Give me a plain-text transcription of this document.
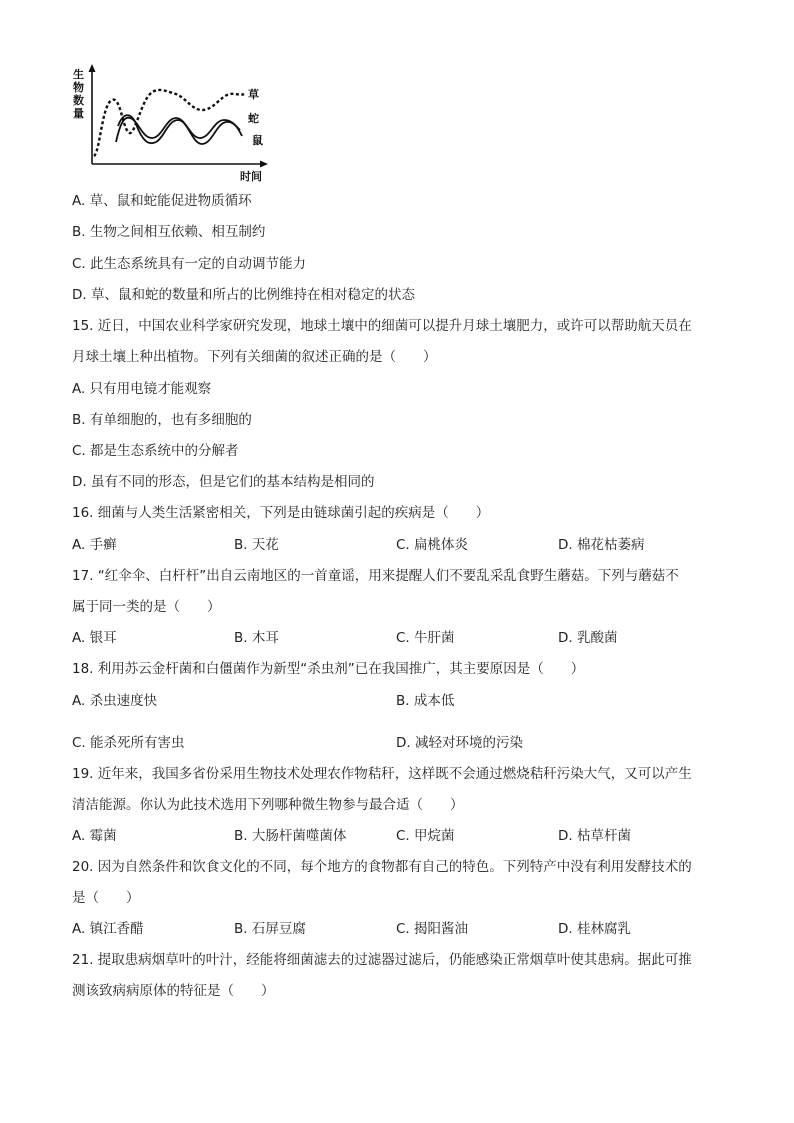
生
物
数
量
时间
草
蛇
鼠
A. 草、鼠和蛇能促进物质循环
B. 生物之间相互依赖、相互制约
C. 此生态系统具有一定的自动调节能力
D. 草、鼠和蛇的数量和所占的比例维持在相对稳定的状态
15. 近日，中国农业科学家研究发现，地球土壤中的细菌可以提升月球土壤肥力，或许可以帮助航天员在
月球土壤上种出植物。下列有关细菌的叙述正确的是（　　）
A. 只有用电镜才能观察
B. 有单细胞的，也有多细胞的
C. 都是生态系统中的分解者
D. 虽有不同的形态，但是它们的基本结构是相同的
16. 细菌与人类生活紧密相关，下列是由链球菌引起的疾病是（　　）
A. 手癣	B. 天花	C. 扁桃体炎	D. 棉花枯萎病
17. “红伞伞、白杆杆”出自云南地区的一首童谣，用来提醒人们不要乱采乱食野生蘑菇。下列与蘑菇不
属于同一类的是（　　）
A. 银耳	B. 木耳	C. 牛肝菌	D. 乳酸菌
18. 利用苏云金杆菌和白僵菌作为新型“杀虫剂”已在我国推广，其主要原因是（　　）
A. 杀虫速度快	B. 成本低
C. 能杀死所有害虫	D. 减轻对环境的污染
19. 近年来，我国多省份采用生物技术处理农作物秸秆，这样既不会通过燃烧秸秆污染大气，又可以产生
清洁能源。你认为此技术选用下列哪种微生物参与最合适（　　）
A. 霉菌	B. 大肠杆菌噬菌体	C. 甲烷菌	D. 枯草杆菌
20. 因为自然条件和饮食文化的不同，每个地方的食物都有自己的特色。下列特产中没有利用发酵技术的
是（　　）
A. 镇江香醋	B. 石屏豆腐	C. 揭阳酱油	D. 桂林腐乳
21. 提取患病烟草叶的叶汁，经能将细菌滤去的过滤器过滤后，仍能感染正常烟草叶使其患病。据此可推
测该致病病原体的特征是（　　）
